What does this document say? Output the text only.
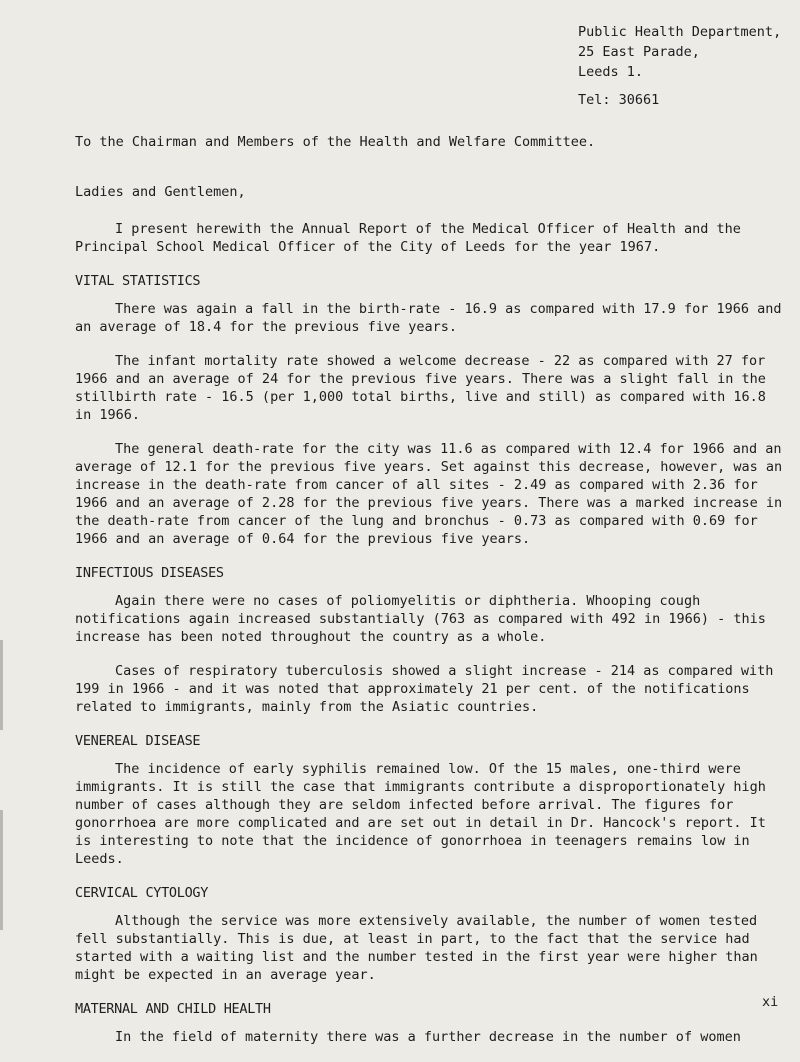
Public Health Department,
25 East Parade,
Leeds 1.
Tel: 30661
To the Chairman and Members of the Health and Welfare Committee.
Ladies and Gentlemen,

I present herewith the Annual Report of the Medical Officer of Health and the Principal School Medical Officer of the City of Leeds for the year 1967.

VITAL STATISTICS

There was again a fall in the birth-rate - 16.9 as compared with 17.9 for 1966 and an average of 18.4 for the previous five years.

The infant mortality rate showed a welcome decrease - 22 as compared with 27 for 1966 and an average of 24 for the previous five years. There was a slight fall in the stillbirth rate - 16.5 (per 1,000 total births, live and still) as compared with 16.8 in 1966.

The general death-rate for the city was 11.6 as compared with 12.4 for 1966 and an average of 12.1 for the previous five years. Set against this decrease, however, was an increase in the death-rate from cancer of all sites - 2.49 as compared with 2.36 for 1966 and an average of 2.28 for the previous five years. There was a marked increase in the death-rate from cancer of the lung and bronchus - 0.73 as compared with 0.69 for 1966 and an average of 0.64 for the previous five years.

INFECTIOUS DISEASES

Again there were no cases of poliomyelitis or diphtheria. Whooping cough notifications again increased substantially (763 as compared with 492 in 1966) - this increase has been noted throughout the country as a whole.

Cases of respiratory tuberculosis showed a slight increase - 214 as compared with 199 in 1966 - and it was noted that approximately 21 per cent. of the notifications related to immigrants, mainly from the Asiatic countries.

VENEREAL DISEASE

The incidence of early syphilis remained low. Of the 15 males, one-third were immigrants. It is still the case that immigrants contribute a disproportionately high number of cases although they are seldom infected before arrival. The figures for gonorrhoea are more complicated and are set out in detail in Dr. Hancock's report. It is interesting to note that the incidence of gonorrhoea in teenagers remains low in Leeds.

CERVICAL CYTOLOGY

Although the service was more extensively available, the number of women tested fell substantially. This is due, at least in part, to the fact that the service had started with a waiting list and the number tested in the first year were higher than might be expected in an average year.

MATERNAL AND CHILD HEALTH

In the field of maternity there was a further decrease in the number of women

xi
